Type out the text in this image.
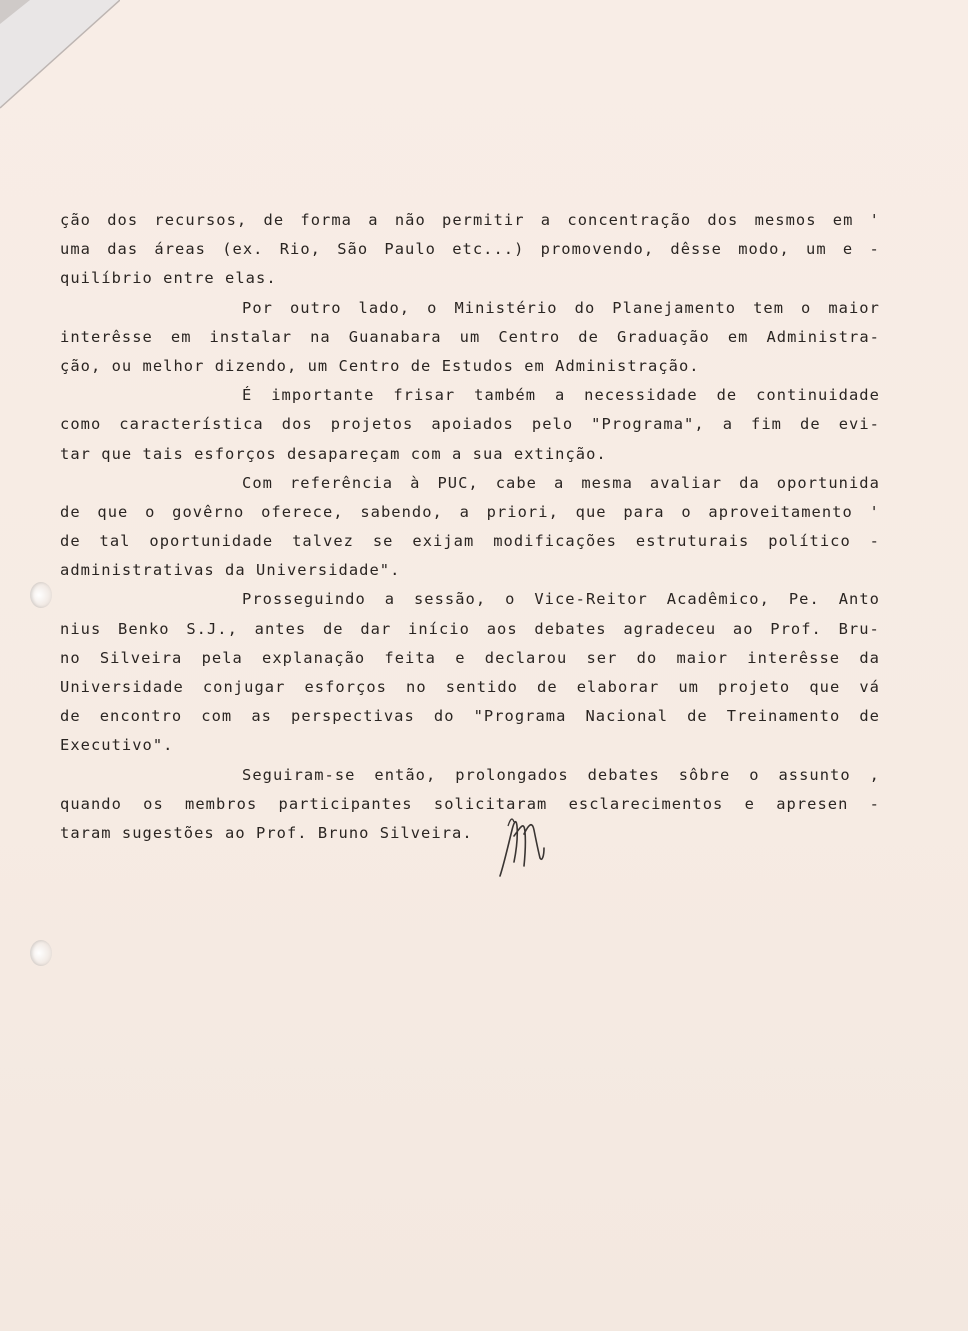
ção dos recursos, de forma a não permitir a concentração dos mesmos em '
uma das áreas (ex. Rio, São Paulo etc...) promovendo, dêsse modo, um e -
quilíbrio entre elas.
Por outro lado, o Ministério do Planejamento tem o maior
interêsse em instalar na Guanabara um Centro de Graduação em Administra-
ção, ou melhor dizendo, um Centro de Estudos em Administração.
É importante frisar também a necessidade de continuidade
como característica dos projetos apoiados pelo "Programa", a fim de evi-
tar que tais esforços desapareçam com a sua extinção.
Com referência à PUC, cabe a mesma avaliar da oportunida
de que o govêrno oferece, sabendo, a priori, que para o aproveitamento '
de tal oportunidade talvez se exijam modificações estruturais político -
administrativas da Universidade".
Prosseguindo a sessão, o Vice-Reitor Acadêmico, Pe. Anto
nius Benko S.J., antes de dar início aos debates agradeceu ao Prof. Bru-
no Silveira pela explanação feita e declarou ser do maior interêsse da
Universidade conjugar esforços no sentido de elaborar um projeto que vá
de encontro com as perspectivas do "Programa Nacional de Treinamento de
Executivo".
Seguiram-se então, prolongados debates sôbre o assunto ,
quando os membros participantes solicitaram esclarecimentos e apresen -
taram sugestões ao Prof. Bruno Silveira.
